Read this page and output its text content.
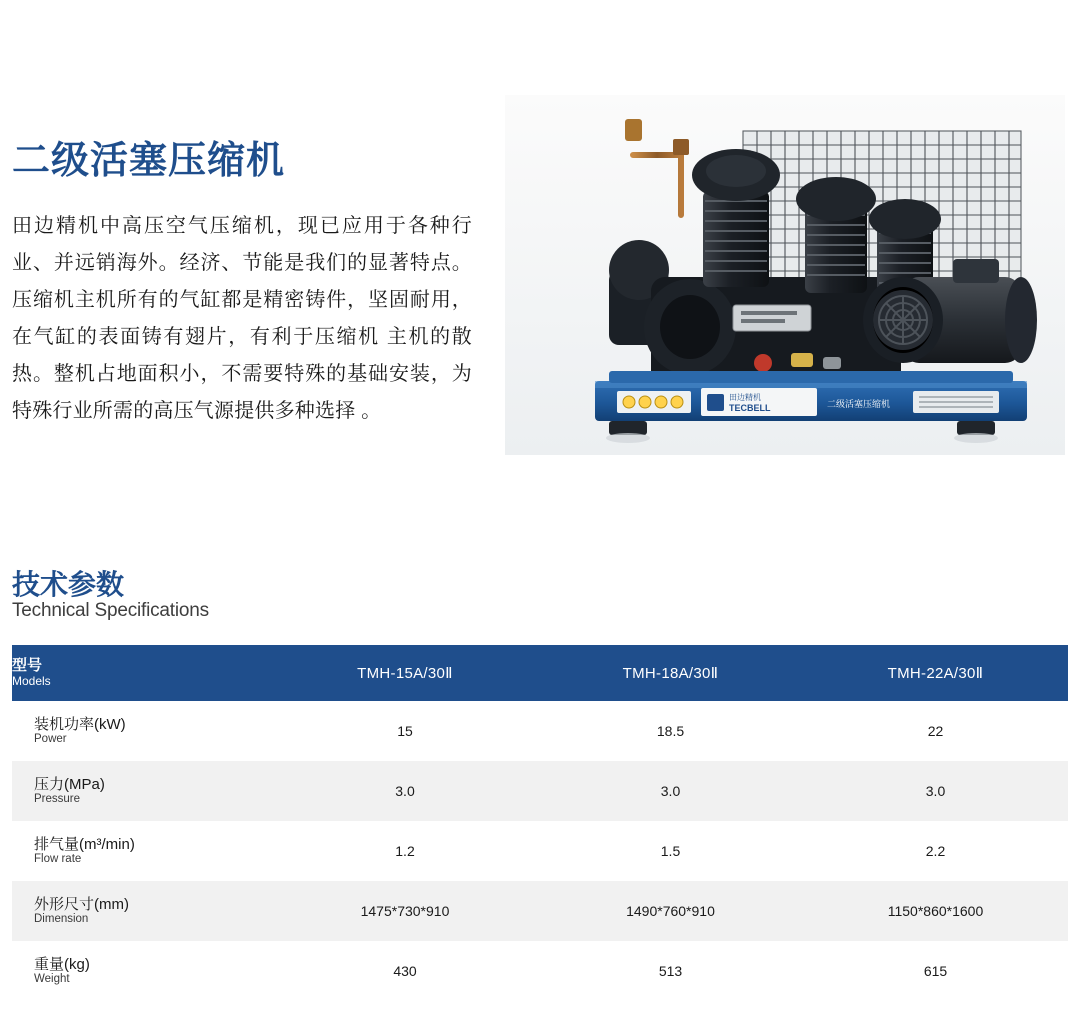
二级活塞压缩机

田边精机中高压空气压缩机，现已应用于各种行业、并远销海外。经济、节能是我们的显著特点。压缩机主机所有的气缸都是精密铸件，坚固耐用，在气缸的表面铸有翅片，有利于压缩机 主机的散热。整机占地面积小，不需要特殊的基础安装，为特殊行业所需的高压气源提供多种选择 。

田边精机
TECBELL	二级活塞压缩机
技术参数
Technical Specifications
型号
Models	TMH-15A/30Ⅱ	TMH-18A/30Ⅱ	TMH-22A/30Ⅱ

装机功率(kW)
Power	15	18.5	22

压力(MPa)
Pressure	3.0	3.0	3.0

排气量(m³/min)
Flow rate	1.2	1.5	2.2

外形尺寸(mm)
Dimension	1475*730*910	1490*760*910	1150*860*1600

重量(kg)
Weight	430	513	615
